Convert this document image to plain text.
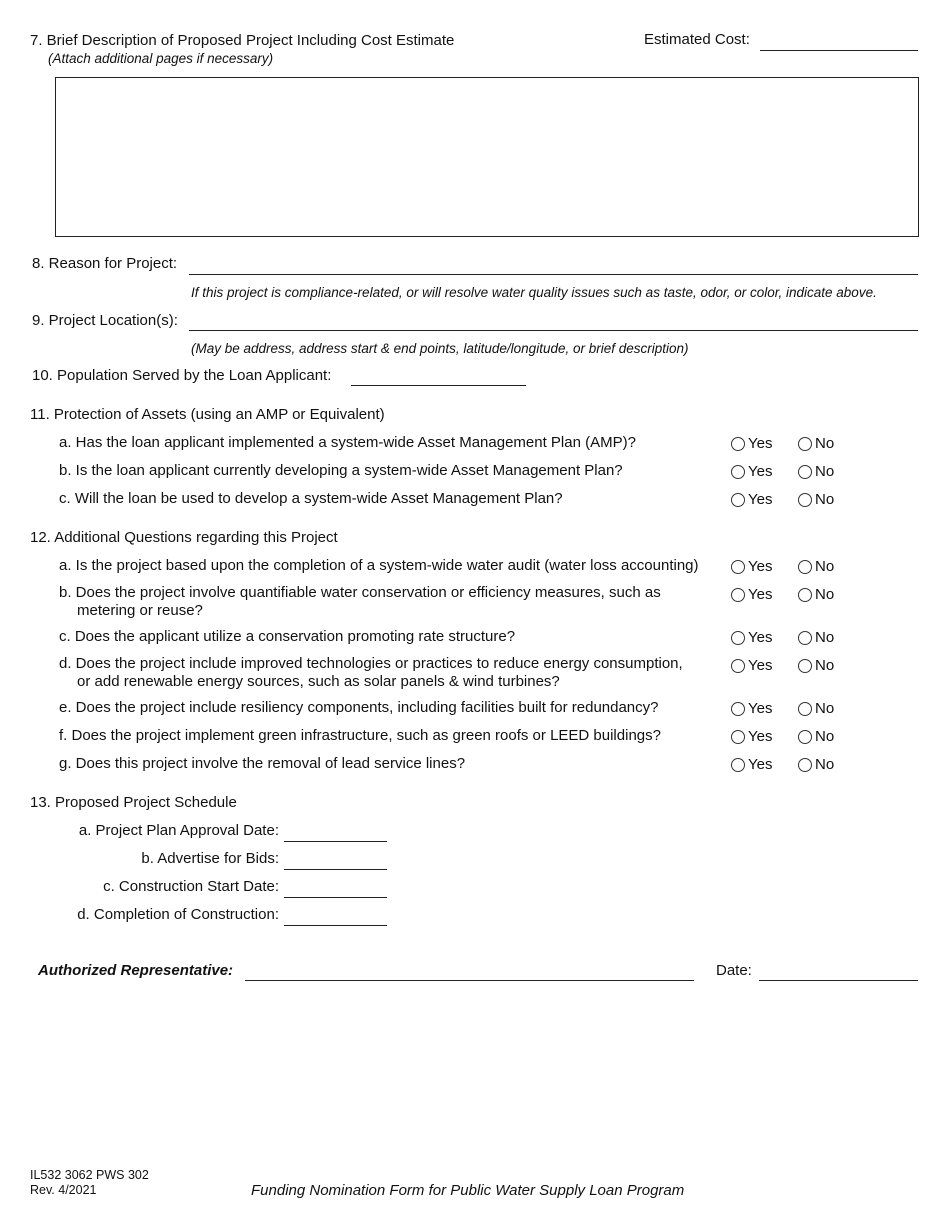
7. Brief Description of Proposed Project Including Cost Estimate
(Attach additional pages if necessary)
Estimated Cost:
8. Reason for Project:
If this project is compliance-related, or will resolve water quality issues such as taste, odor, or color, indicate above.
9. Project Location(s):
(May be address, address start & end points, latitude/longitude, or brief description)
10. Population Served by the Loan Applicant:
11. Protection of Assets (using an AMP or Equivalent)
a. Has the loan applicant implemented a system-wide Asset Management Plan (AMP)?	Yes	No
b. Is the loan applicant currently developing a system-wide Asset Management Plan?	Yes	No
c. Will the loan be used to develop a system-wide Asset Management Plan?	Yes	No
12. Additional Questions regarding this Project
a. Is the project based upon the completion of a system-wide water audit (water loss accounting)	Yes	No
b. Does the project involve quantifiable water conservation or efficiency measures, such as
metering or reuse?
Yes	No
c. Does the applicant utilize a conservation promoting rate structure?	Yes	No
d. Does the project include improved technologies or practices to reduce energy consumption,
or add renewable energy sources, such as solar panels & wind turbines?
Yes	No
e. Does the project include resiliency components, including facilities built for redundancy?	Yes	No
f. Does the project implement green infrastructure, such as green roofs or LEED buildings?	Yes	No
g. Does this project involve the removal of lead service lines?	Yes	No
13. Proposed Project Schedule
a. Project Plan Approval Date:
b. Advertise for Bids:
c. Construction Start Date:
d. Completion of Construction:
Authorized Representative:	Date:
IL532 3062 PWS 302
Rev. 4/2021	Funding Nomination Form for Public Water Supply Loan Program
